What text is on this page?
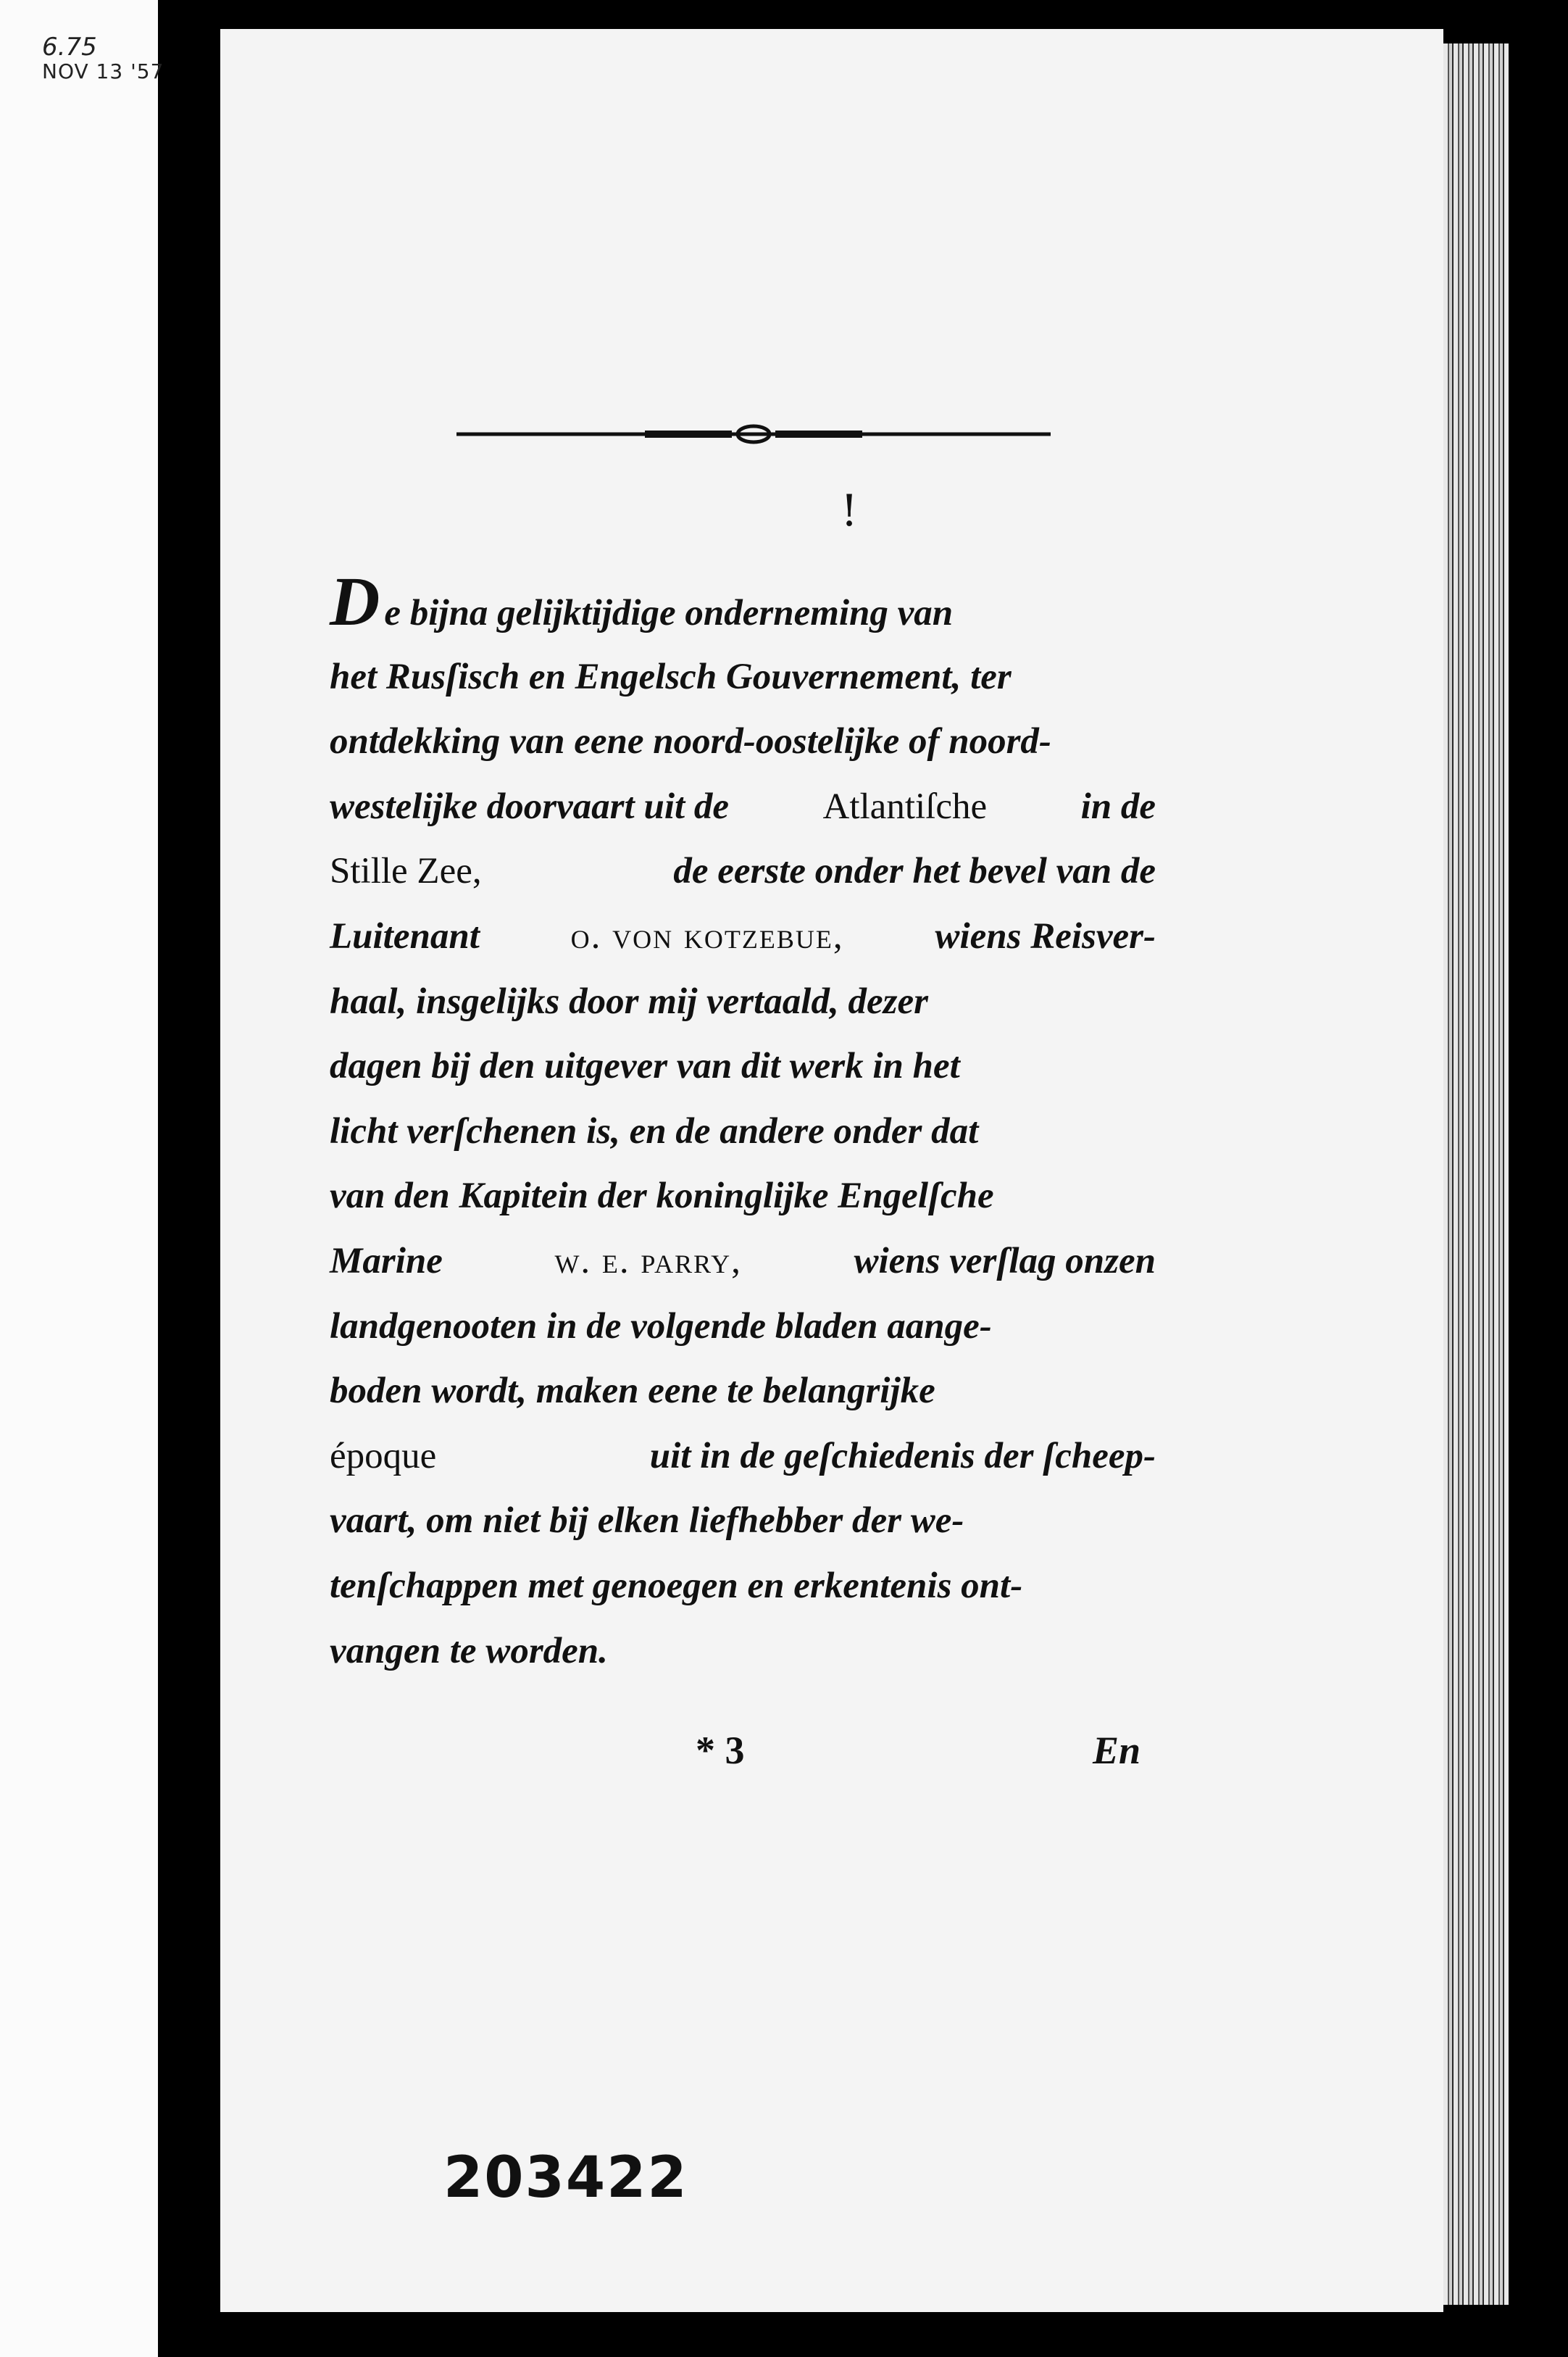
6.75
NOV 13 '57
!
De bijna gelijktijdige onderneming van
het Rusſisch en Engelsch Gouvernement, ter
ontdekking van eene noord-oostelijke of noord-
westelijke doorvaart uit de	Atlantiſche	in de
Stille Zee,	de eerste onder het bevel van de
Luitenant o. von kotzebue, wiens Reisver-
haal, insgelijks door mij vertaald, dezer
dagen bij den uitgever van dit werk in het
licht verſchenen is, en de andere onder dat
van den Kapitein der koninglijke Engelſche
Marine	w. e. parry,	wiens verſlag onzen
landgenooten in de volgende bladen aange-
boden wordt, maken eene te belangrijke
époque	uit in de geſchiedenis der ſcheep-
vaart, om niet bij elken liefhebber der we-
tenſchappen met genoegen en erkentenis ont-
vangen te worden.
* 3	En
203422
